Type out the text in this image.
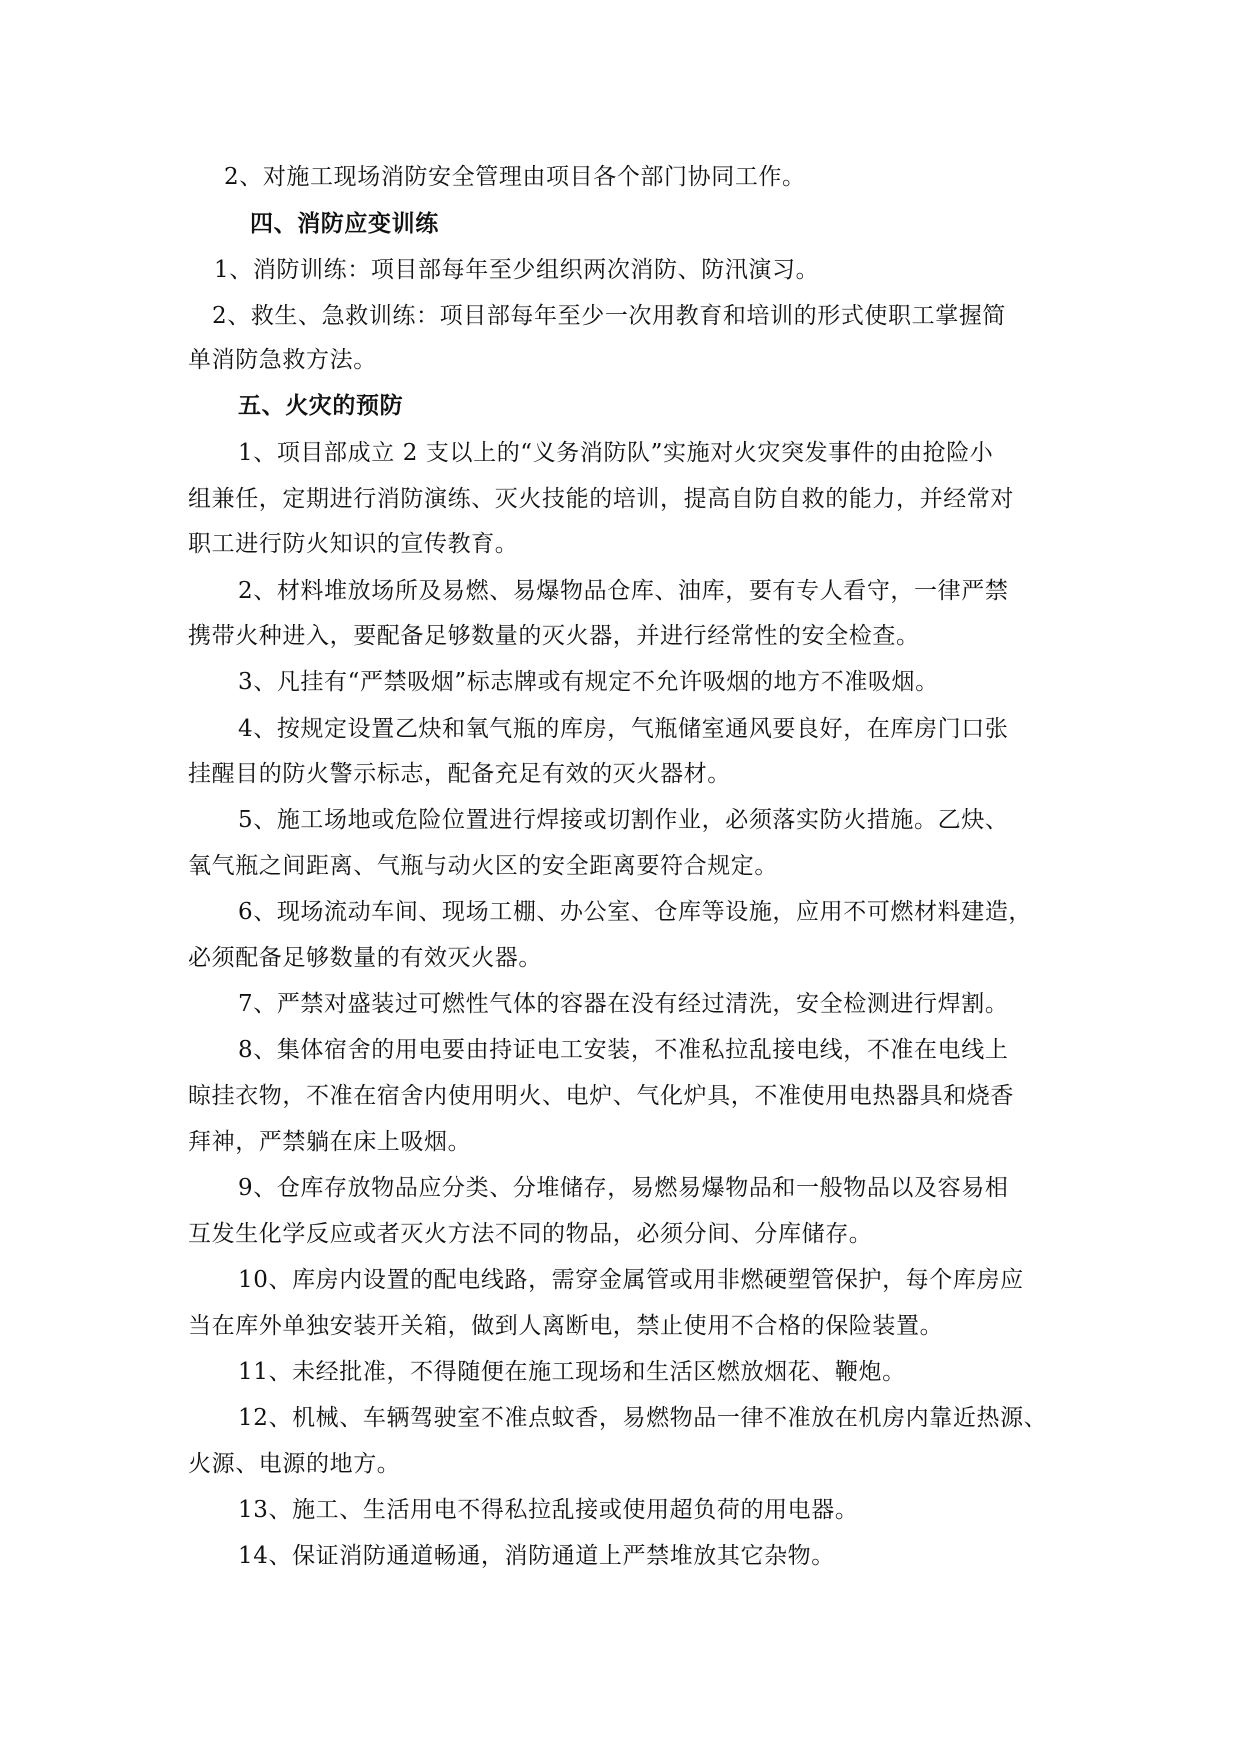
2、对施工现场消防安全管理由项目各个部门协同工作。
四、消防应变训练
1、消防训练：项目部每年至少组织两次消防、防汛演习。
2、救生、急救训练：项目部每年至少一次用教育和培训的形式使职工掌握简
单消防急救方法。
五、火灾的预防
1、项目部成立 2 支以上的“义务消防队”实施对火灾突发事件的由抢险小
组兼任，定期进行消防演练、灭火技能的培训，提高自防自救的能力，并经常对
职工进行防火知识的宣传教育。
2、材料堆放场所及易燃、易爆物品仓库、油库，要有专人看守，一律严禁
携带火种进入，要配备足够数量的灭火器，并进行经常性的安全检查。
3、凡挂有“严禁吸烟”标志牌或有规定不允许吸烟的地方不准吸烟。
4、按规定设置乙炔和氧气瓶的库房，气瓶储室通风要良好，在库房门口张
挂醒目的防火警示标志，配备充足有效的灭火器材。
5、施工场地或危险位置进行焊接或切割作业，必须落实防火措施。乙炔、
氧气瓶之间距离、气瓶与动火区的安全距离要符合规定。
6、现场流动车间、现场工棚、办公室、仓库等设施，应用不可燃材料建造，
必须配备足够数量的有效灭火器。
7、严禁对盛装过可燃性气体的容器在没有经过清洗，安全检测进行焊割。
8、集体宿舍的用电要由持证电工安装，不准私拉乱接电线，不准在电线上
晾挂衣物，不准在宿舍内使用明火、电炉、气化炉具，不准使用电热器具和烧香
拜神，严禁躺在床上吸烟。
9、仓库存放物品应分类、分堆储存，易燃易爆物品和一般物品以及容易相
互发生化学反应或者灭火方法不同的物品，必须分间、分库储存。
10、库房内设置的配电线路，需穿金属管或用非燃硬塑管保护，每个库房应
当在库外单独安装开关箱，做到人离断电，禁止使用不合格的保险装置。
11、未经批准，不得随便在施工现场和生活区燃放烟花、鞭炮。
12、机械、车辆驾驶室不准点蚊香，易燃物品一律不准放在机房内靠近热源、
火源、电源的地方。
13、施工、生活用电不得私拉乱接或使用超负荷的用电器。
14、保证消防通道畅通，消防通道上严禁堆放其它杂物。
